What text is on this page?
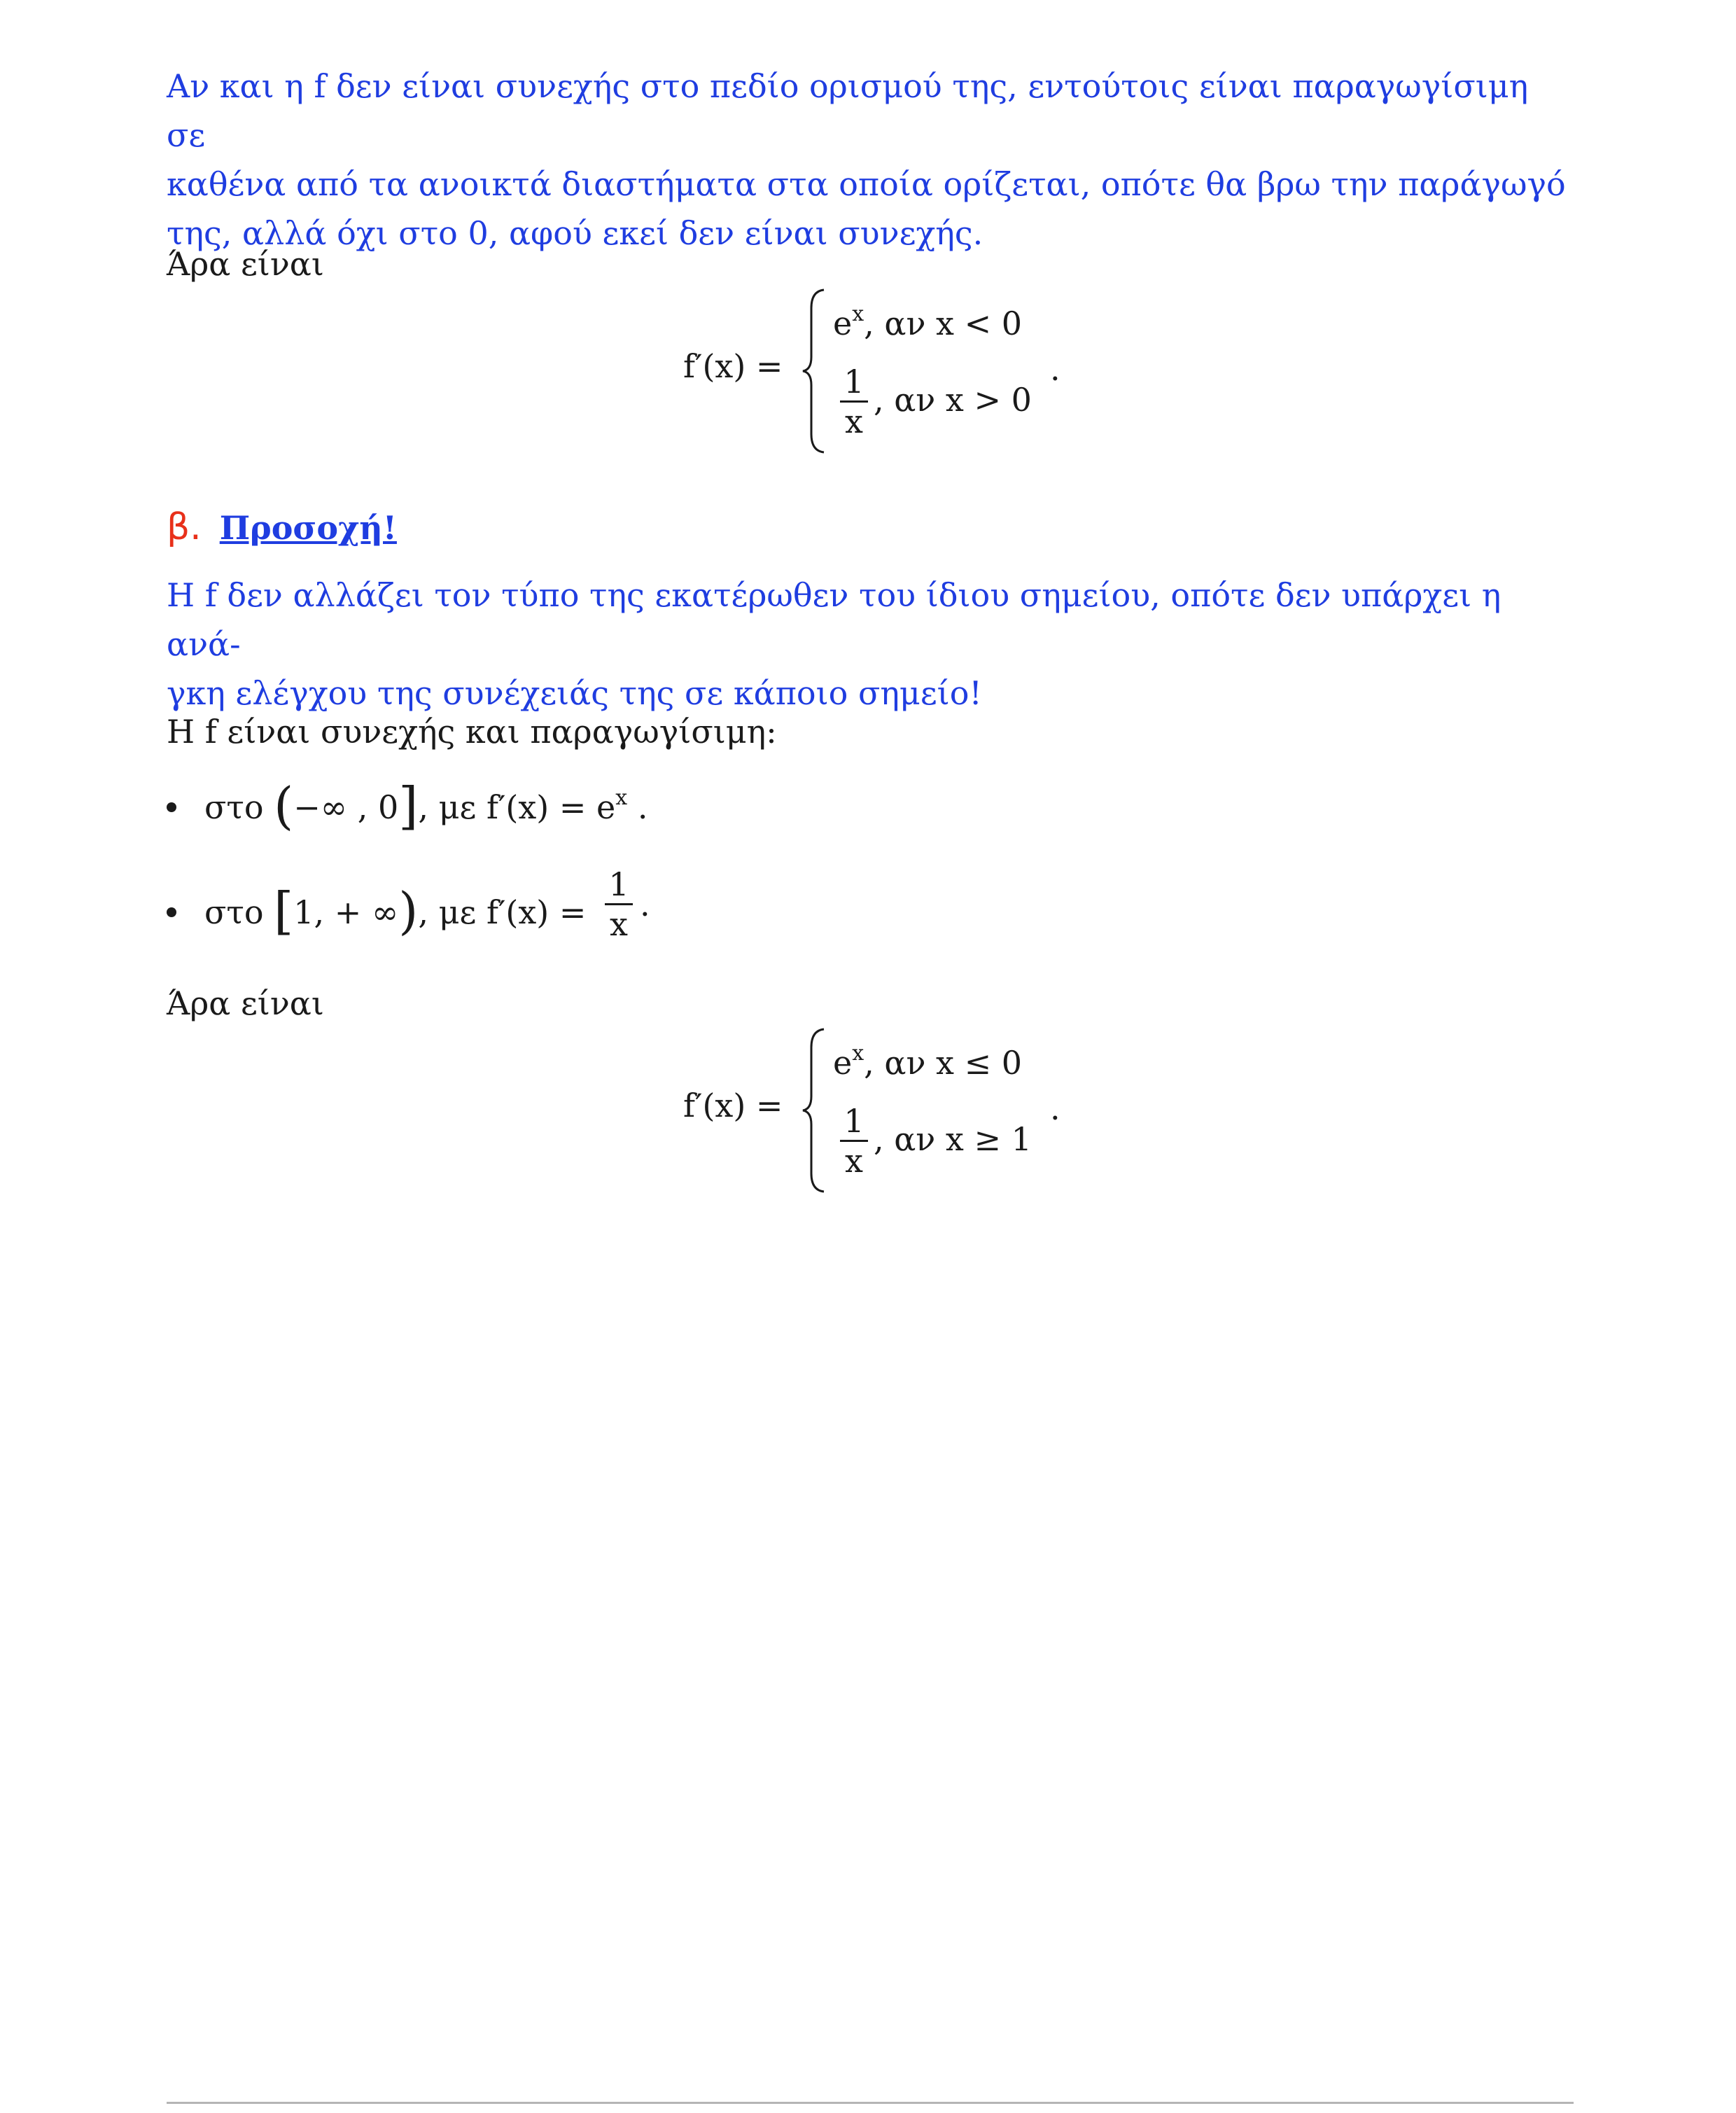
Αν και η f δεν είναι συνεχής στο πεδίο ορισμού της, εντούτοις είναι παραγωγίσιμη σε
καθένα από τα ανοικτά διαστήματα στα οποία ορίζεται, οπότε θα βρω την παράγωγό
της, αλλά όχι στο 0, αφού εκεί δεν είναι συνεχής.
Άρα είναι
f′(x) =
$e^x$, αν x < 0
1
x
, αν x > 0
.
β. Προσοχή!
Η f δεν αλλάζει τον τύπο της εκατέρωθεν του ίδιου σημείου, οπότε δεν υπάρχει η ανά-
γκη ελέγχου της συνέχειάς της σε κάποιο σημείο!
Η f είναι συνεχής και παραγωγίσιμη:
στο (−∞ , 0], με $f'(x) = e^x$ .
στο [1, + ∞), με f′(x) =
1
x
.
Άρα είναι
f′(x) =
$e^x$, αν x ≤ 0
1
x
, αν x ≥ 1
.
